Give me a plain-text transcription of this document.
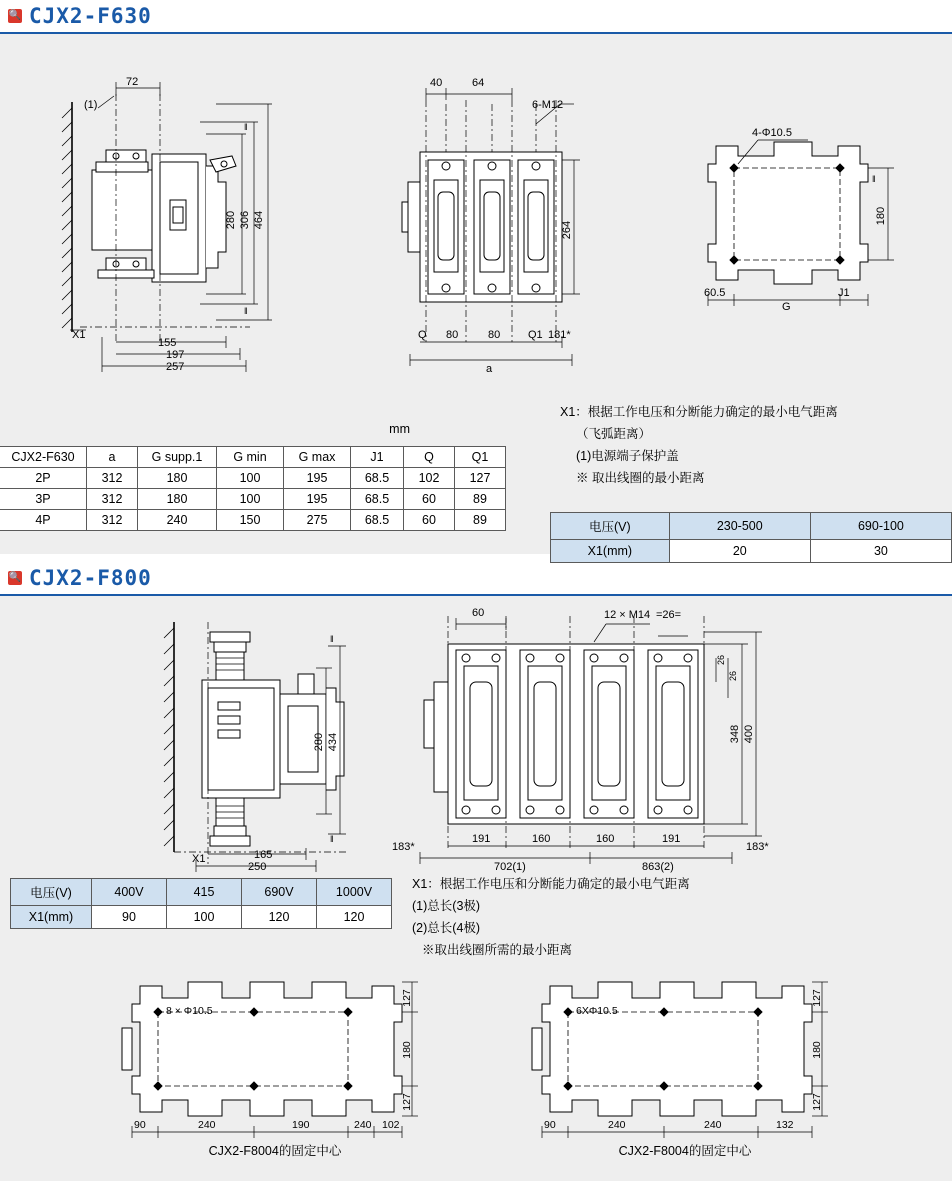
🔍 CJX2-F630
72
(1)
280 306 464
‖
‖
X1
155
197
257
40	64
6-M12
264
Q 80	80	Q1 181*
a
4-Φ10.5
180
‖
60.5
G
J1
mm
CJX2-F630	a	G supp.1	G min	G max	J1	Q	Q1
2P	312	180	100	195	68.5	102	127
3P	312	180	100	195	68.5	60	89
4P	312	240	150	275	68.5	60	89
X1：根据工作电压和分断能力确定的最小电气距离
（飞弧距离）
(1)电源端子保护盖
※ 取出线圈的最小距离
电压(V)	230-500	690-100
X1(mm)	20	30
🔍 CJX2-F800
280 434
‖
‖
X1	165
250
60	12 × M14 =26=
26
26
348 400
183*
191	160	160	191
702(1)	863(2)
183*
电压(V)	400V	415	690V	1000V
X1(mm)	90	100	120	120
X1：根据工作电压和分断能力确定的最小电气距离
(1)总长(3极)
(2)总长(4极)
※取出线圈所需的最小距离
8 × Φ10.5
127
180
127
90	240	190	240 102
CJX2-F8004的固定中心
6XΦ10.5
127
180
127
90	240	240	132
CJX2-F8004的固定中心
